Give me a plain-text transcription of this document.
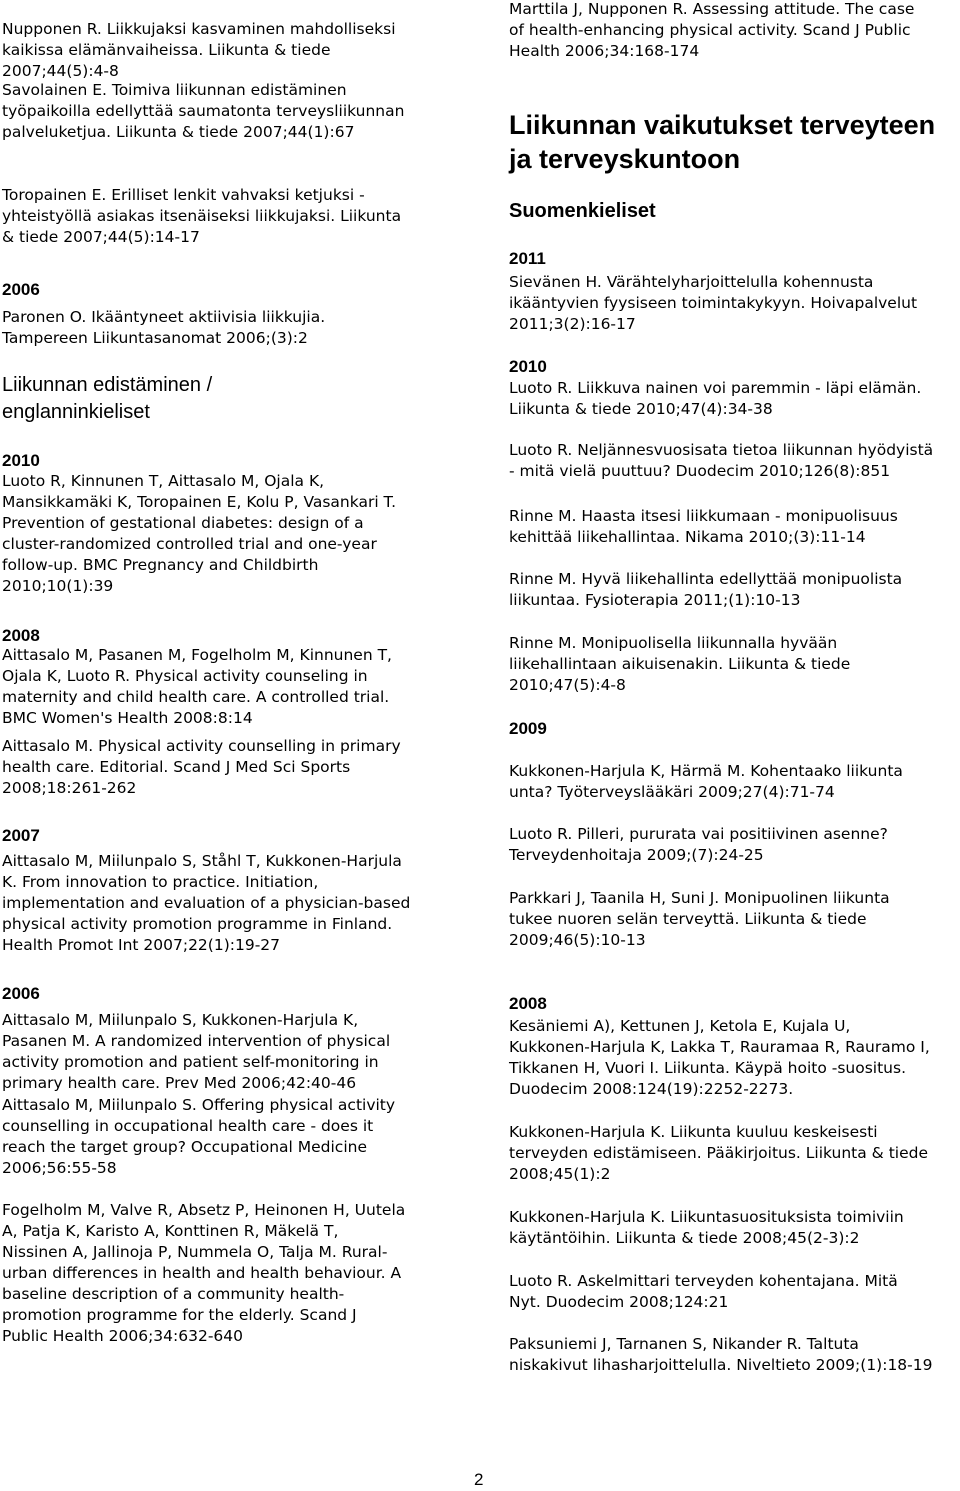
Nupponen R. Liikkujaksi kasvaminen mahdolliseksi
kaikissa elämänvaiheissa. Liikunta & tiede
2007;44(5):4-8
Savolainen E. Toimiva liikunnan edistäminen
työpaikoilla edellyttää saumatonta terveysliikunnan
palveluketjua. Liikunta & tiede 2007;44(1):67
Toropainen E. Erilliset lenkit vahvaksi ketjuksi -
yhteistyöllä asiakas itsenäiseksi liikkujaksi. Liikunta
& tiede 2007;44(5):14-17
2006
Paronen O. Ikääntyneet aktiivisia liikkujia.
Tampereen Liikuntasanomat 2006;(3):2
Liikunnan edistäminen /
englanninkieliset
2010
Luoto R, Kinnunen T, Aittasalo M, Ojala K,
Mansikkamäki K, Toropainen E, Kolu P, Vasankari T.
Prevention of gestational diabetes: design of a
cluster-randomized controlled trial and one-year
follow-up. BMC Pregnancy and Childbirth
2010;10(1):39
2008
Aittasalo M, Pasanen M, Fogelholm M, Kinnunen T,
Ojala K, Luoto R. Physical activity counseling in
maternity and child health care. A controlled trial.
BMC Women's Health 2008:8:14
Aittasalo M. Physical activity counselling in primary
health care. Editorial. Scand J Med Sci Sports
2008;18:261-262
2007
Aittasalo M, Miilunpalo S, Ståhl T, Kukkonen-Harjula
K. From innovation to practice. Initiation,
implementation and evaluation of a physician-based
physical activity promotion programme in Finland.
Health Promot Int 2007;22(1):19-27
2006
Aittasalo M, Miilunpalo S, Kukkonen-Harjula K,
Pasanen M. A randomized intervention of physical
activity promotion and patient self-monitoring in
primary health care. Prev Med 2006;42:40-46
Aittasalo M, Miilunpalo S. Offering physical activity
counselling in occupational health care - does it
reach the target group? Occupational Medicine
2006;56:55-58
Fogelholm M, Valve R, Absetz P, Heinonen H, Uutela
A, Patja K, Karisto A, Konttinen R, Mäkelä T,
Nissinen A, Jallinoja P, Nummela O, Talja M. Rural-
urban differences in health and health behaviour. A
baseline description of a community health-
promotion programme for the elderly. Scand J
Public Health 2006;34:632-640
Marttila J, Nupponen R. Assessing attitude. The case
of health-enhancing physical activity. Scand J Public
Health 2006;34:168-174
Liikunnan vaikutukset terveyteen
ja terveyskuntoon
Suomenkieliset
2011
Sievänen H. Värähtelyharjoittelulla kohennusta
ikääntyvien fyysiseen toimintakykyyn. Hoivapalvelut
2011;3(2):16-17
2010
Luoto R. Liikkuva nainen voi paremmin - läpi elämän.
Liikunta & tiede 2010;47(4):34-38
Luoto R. Neljännesvuosisata tietoa liikunnan hyödyistä
- mitä vielä puuttuu? Duodecim 2010;126(8):851
Rinne M. Haasta itsesi liikkumaan - monipuolisuus
kehittää liikehallintaa. Nikama 2010;(3):11-14
Rinne M. Hyvä liikehallinta edellyttää monipuolista
liikuntaa. Fysioterapia 2011;(1):10-13
Rinne M. Monipuolisella liikunnalla hyvään
liikehallintaan aikuisenakin. Liikunta & tiede
2010;47(5):4-8
2009
Kukkonen-Harjula K, Härmä M. Kohentaako liikunta
unta? Työterveyslääkäri 2009;27(4):71-74
Luoto R. Pilleri, pururata vai positiivinen asenne?
Terveydenhoitaja 2009;(7):24-25
Parkkari J, Taanila H, Suni J. Monipuolinen liikunta
tukee nuoren selän terveyttä. Liikunta & tiede
2009;46(5):10-13
2008
Kesäniemi A), Kettunen J, Ketola E, Kujala U,
Kukkonen-Harjula K, Lakka T, Rauramaa R, Rauramo I,
Tikkanen H, Vuori I. Liikunta. Käypä hoito -suositus.
Duodecim 2008:124(19):2252-2273.
Kukkonen-Harjula K. Liikunta kuuluu keskeisesti
terveyden edistämiseen. Pääkirjoitus. Liikunta & tiede
2008;45(1):2
Kukkonen-Harjula K. Liikuntasuosituksista toimiviin
käytäntöihin. Liikunta & tiede 2008;45(2-3):2
Luoto R. Askelmittari terveyden kohentajana. Mitä
Nyt. Duodecim 2008;124:21
Paksuniemi J, Tarnanen S, Nikander R. Taltuta
niskakivut lihasharjoittelulla. Niveltieto 2009;(1):18-19
2
